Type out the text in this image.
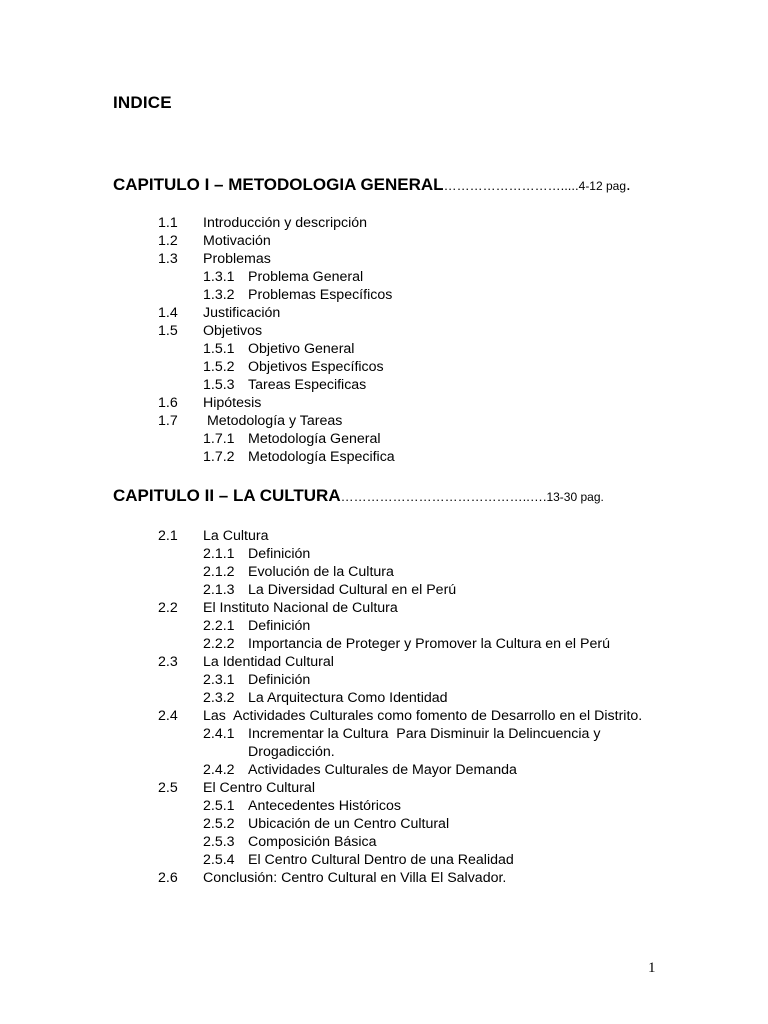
INDICE
CAPITULO I – METODOLOGIA GENERAL……………………….....4-12 pag.
1.1 Introducción y descripción
1.2 Motivación
1.3 Problemas
1.3.1 Problema General
1.3.2 Problemas Específicos
1.4 Justificación
1.5 Objetivos
1.5.1 Objetivo General
1.5.2 Objetivos Específicos
1.5.3 Tareas Especificas
1.6 Hipótesis
1.7 Metodología y Tareas
1.7.1 Metodología General
1.7.2 Metodología Especifica
CAPITULO II – LA CULTURA……………………………………..….13-30 pag.
2.1 La Cultura
2.1.1 Definición
2.1.2 Evolución de la Cultura
2.1.3 La Diversidad Cultural en el Perú
2.2 El Instituto Nacional de Cultura
2.2.1 Definición
2.2.2 Importancia de Proteger y Promover la Cultura en el Perú
2.3 La Identidad Cultural
2.3.1 Definición
2.3.2 La Arquitectura Como Identidad
2.4 Las  Actividades Culturales como fomento de Desarrollo en el Distrito.
2.4.1 Incrementar la Cultura  Para Disminuir la Delincuencia y Drogadicción.
2.4.2 Actividades Culturales de Mayor Demanda
2.5 El Centro Cultural
2.5.1 Antecedentes Históricos
2.5.2 Ubicación de un Centro Cultural
2.5.3 Composición Básica
2.5.4 El Centro Cultural Dentro de una Realidad
2.6 Conclusión: Centro Cultural en Villa El Salvador.
1
